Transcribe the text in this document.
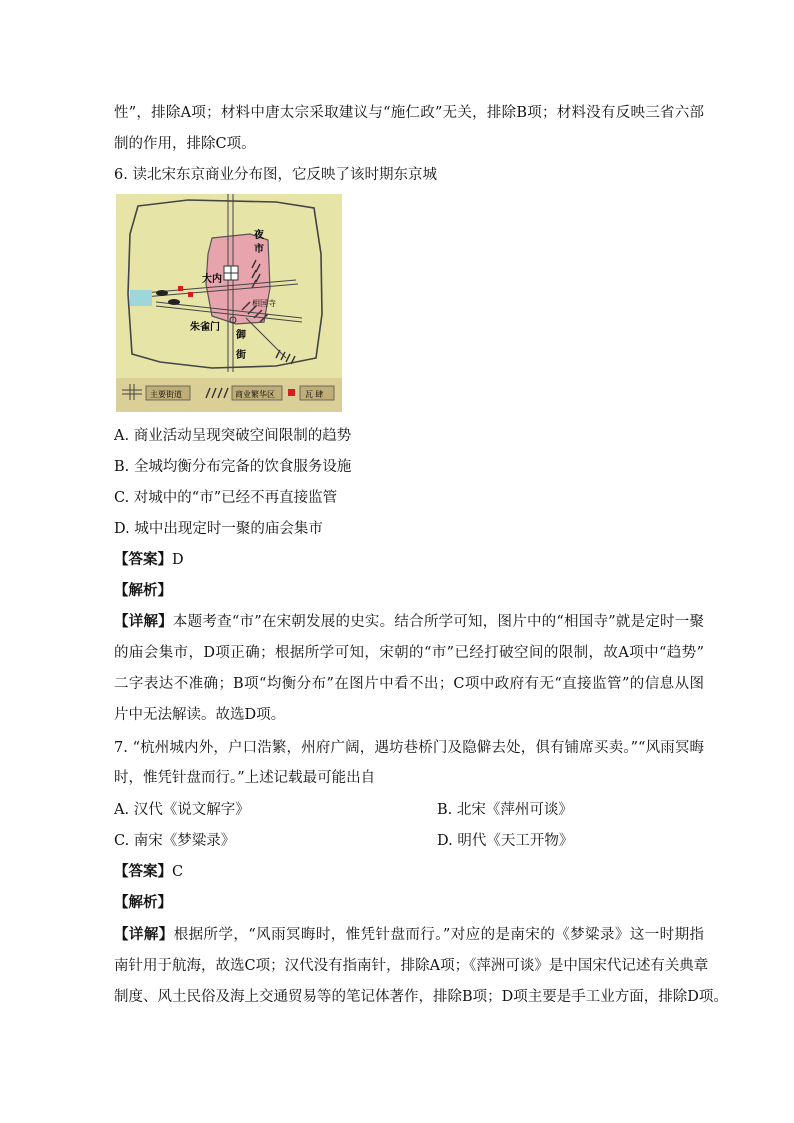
性”，排除A项；材料中唐太宗采取建议与“施仁政”无关，排除B项；材料没有反映三省六部
制的作用，排除C项。
6. 读北宋东京商业分布图，它反映了该时期东京城
大内
夜
市
相国寺
朱雀门
御
街
主要街道	商业繁华区	瓦 肆
A. 商业活动呈现突破空间限制的趋势
B. 全城均衡分布完备的饮食服务设施
C. 对城中的“市”已经不再直接监管
D. 城中出现定时一聚的庙会集市
【答案】D
【解析】
【详解】本题考查“市”在宋朝发展的史实。结合所学可知，图片中的“相国寺”就是定时一聚
的庙会集市，D项正确；根据所学可知，宋朝的“市”已经打破空间的限制，故A项中“趋势”
二字表达不准确；B项“均衡分布”在图片中看不出；C项中政府有无“直接监管”的信息从图
片中无法解读。故选D项。
7. “杭州城内外，户口浩繁，州府广阔，遇坊巷桥门及隐僻去处，俱有铺席买卖。”“风雨冥晦
时，惟凭针盘而行。”上述记载最可能出自
A. 汉代《说文解字》	B. 北宋《萍州可谈》
C. 南宋《梦粱录》	D. 明代《天工开物》
【答案】C
【解析】
【详解】根据所学，“风雨冥晦时，惟凭针盘而行。”对应的是南宋的《梦粱录》这一时期指
南针用于航海，故选C项；汉代没有指南针，排除A项；《萍洲可谈》是中国宋代记述有关典章
制度、风土民俗及海上交通贸易等的笔记体著作，排除B项；D项主要是手工业方面，排除D项。
